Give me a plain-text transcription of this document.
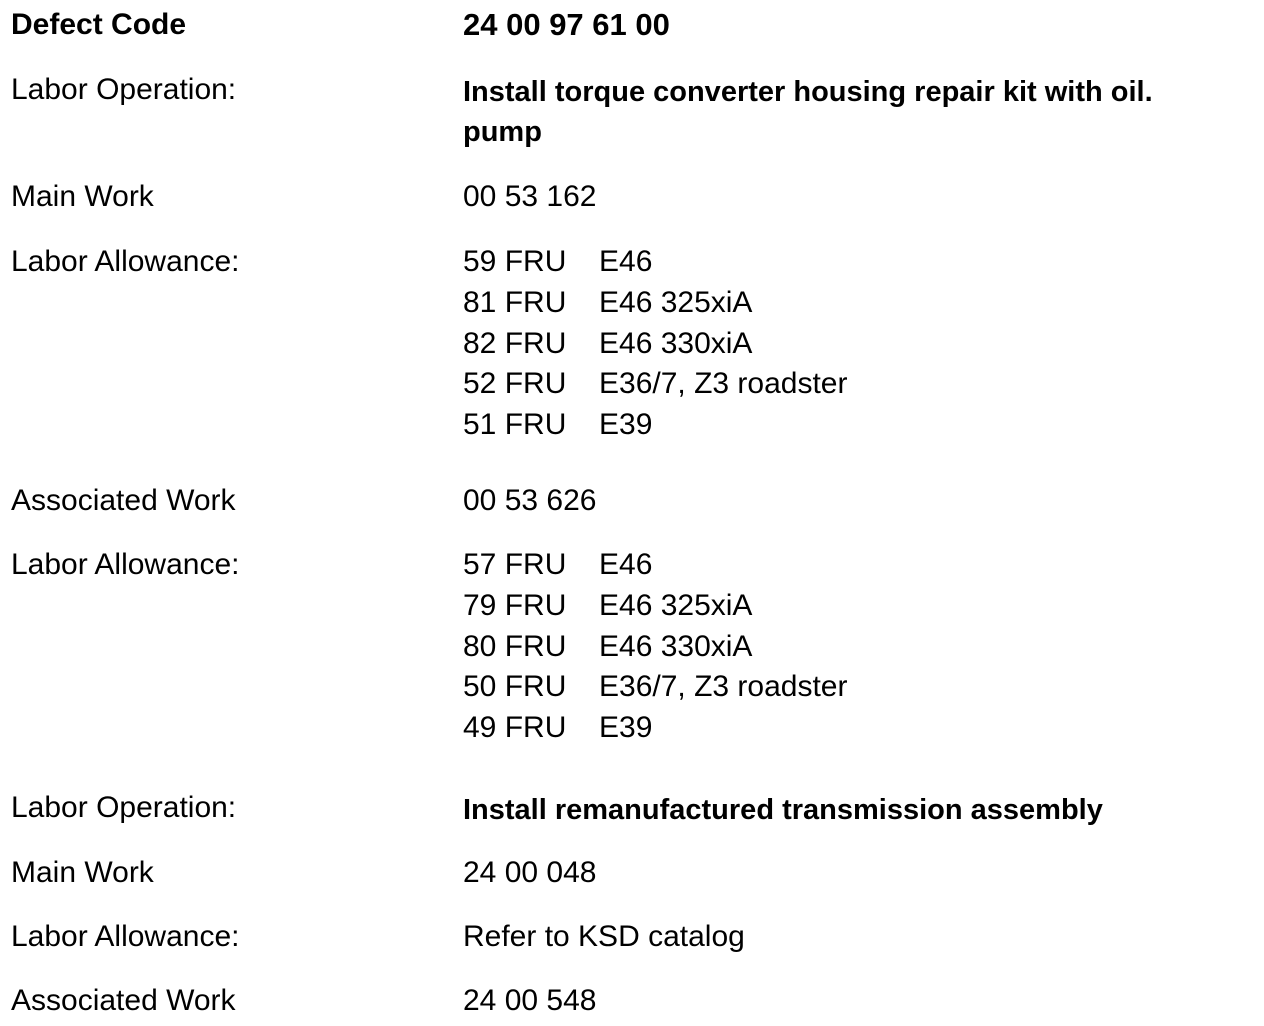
Defect Code	24 00 97 61 00
Labor Operation:	Install torque converter housing repair kit with oil.
pump
Main Work	00 53 162
Labor Allowance:	59 FRU E46
81 FRU E46 325xiA
82 FRU E46 330xiA
52 FRU E36/7, Z3 roadster
51 FRU E39
Associated Work	00 53 626
Labor Allowance:	57 FRU E46
79 FRU E46 325xiA
80 FRU E46 330xiA
50 FRU E36/7, Z3 roadster
49 FRU E39
Labor Operation:	Install remanufactured transmission assembly
Main Work	24 00 048
Labor Allowance:	Refer to KSD catalog
Associated Work	24 00 548
